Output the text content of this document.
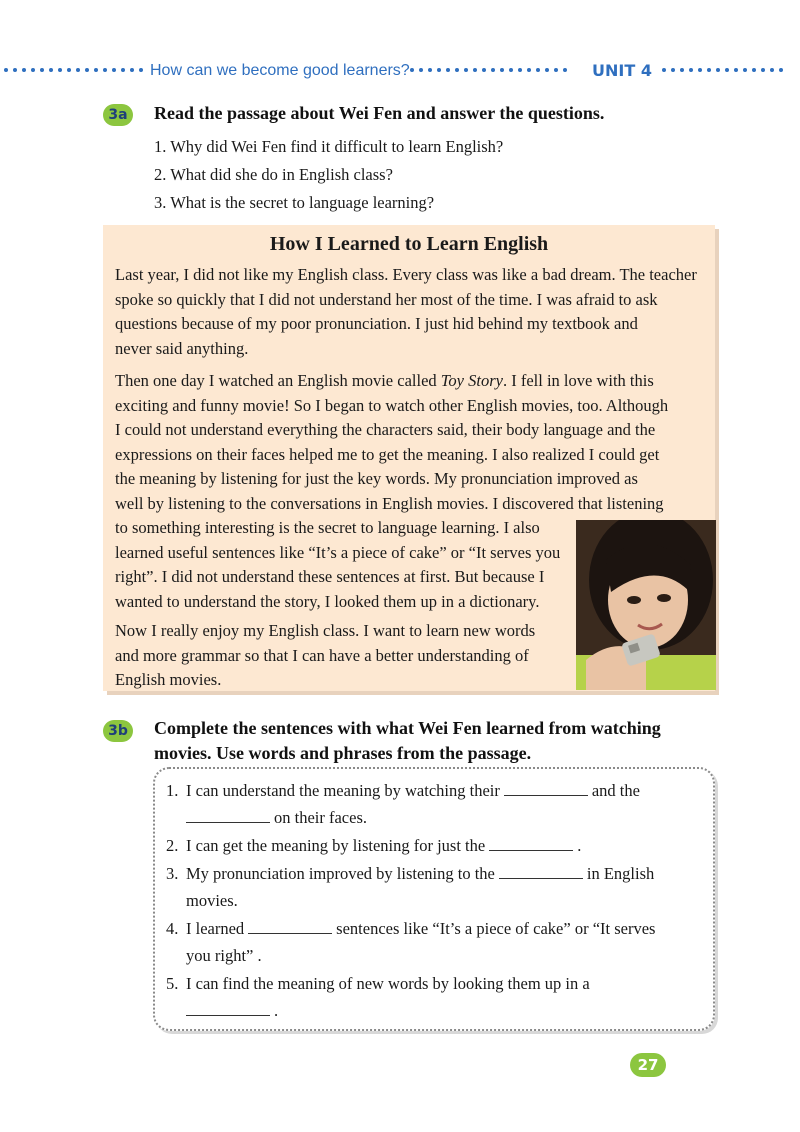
How can we become good learners?	UNIT 4
3a	Read the passage about Wei Fen and answer the questions.
1. Why did Wei Fen find it difficult to learn English?
2. What did she do in English class?
3. What is the secret to language learning?
How I Learned to Learn English
Last year, I did not like my English class. Every class was like a bad dream. The teacher
spoke so quickly that I did not understand her most of the time. I was afraid to ask
questions because of my poor pronunciation. I just hid behind my textbook and
never said anything.
Then one day I watched an English movie called Toy Story. I fell in love with this
exciting and funny movie! So I began to watch other English movies, too. Although
I could not understand everything the characters said, their body language and the
expressions on their faces helped me to get the meaning. I also realized I could get
the meaning by listening for just the key words. My pronunciation improved as
well by listening to the conversations in English movies. I discovered that listening
to something interesting is the secret to language learning. I also
learned useful sentences like “It’s a piece of cake” or “It serves you
right”. I did not understand these sentences at first. But because I
wanted to understand the story, I looked them up in a dictionary.
Now I really enjoy my English class. I want to learn new words
and more grammar so that I can have a better understanding of
English movies.
3b Complete the sentences with what Wei Fen learned from watching
movies. Use words and phrases from the passage.
1. I can understand the meaning by watching their	and the
on their faces.
2. I can get the meaning by listening for just the	.
3. My pronunciation improved by listening to the	in English
movies.
4. I learned	sentences like “It’s a piece of cake” or “It serves
you right” .
5. I can find the meaning of new words by looking them up in a
.
27
